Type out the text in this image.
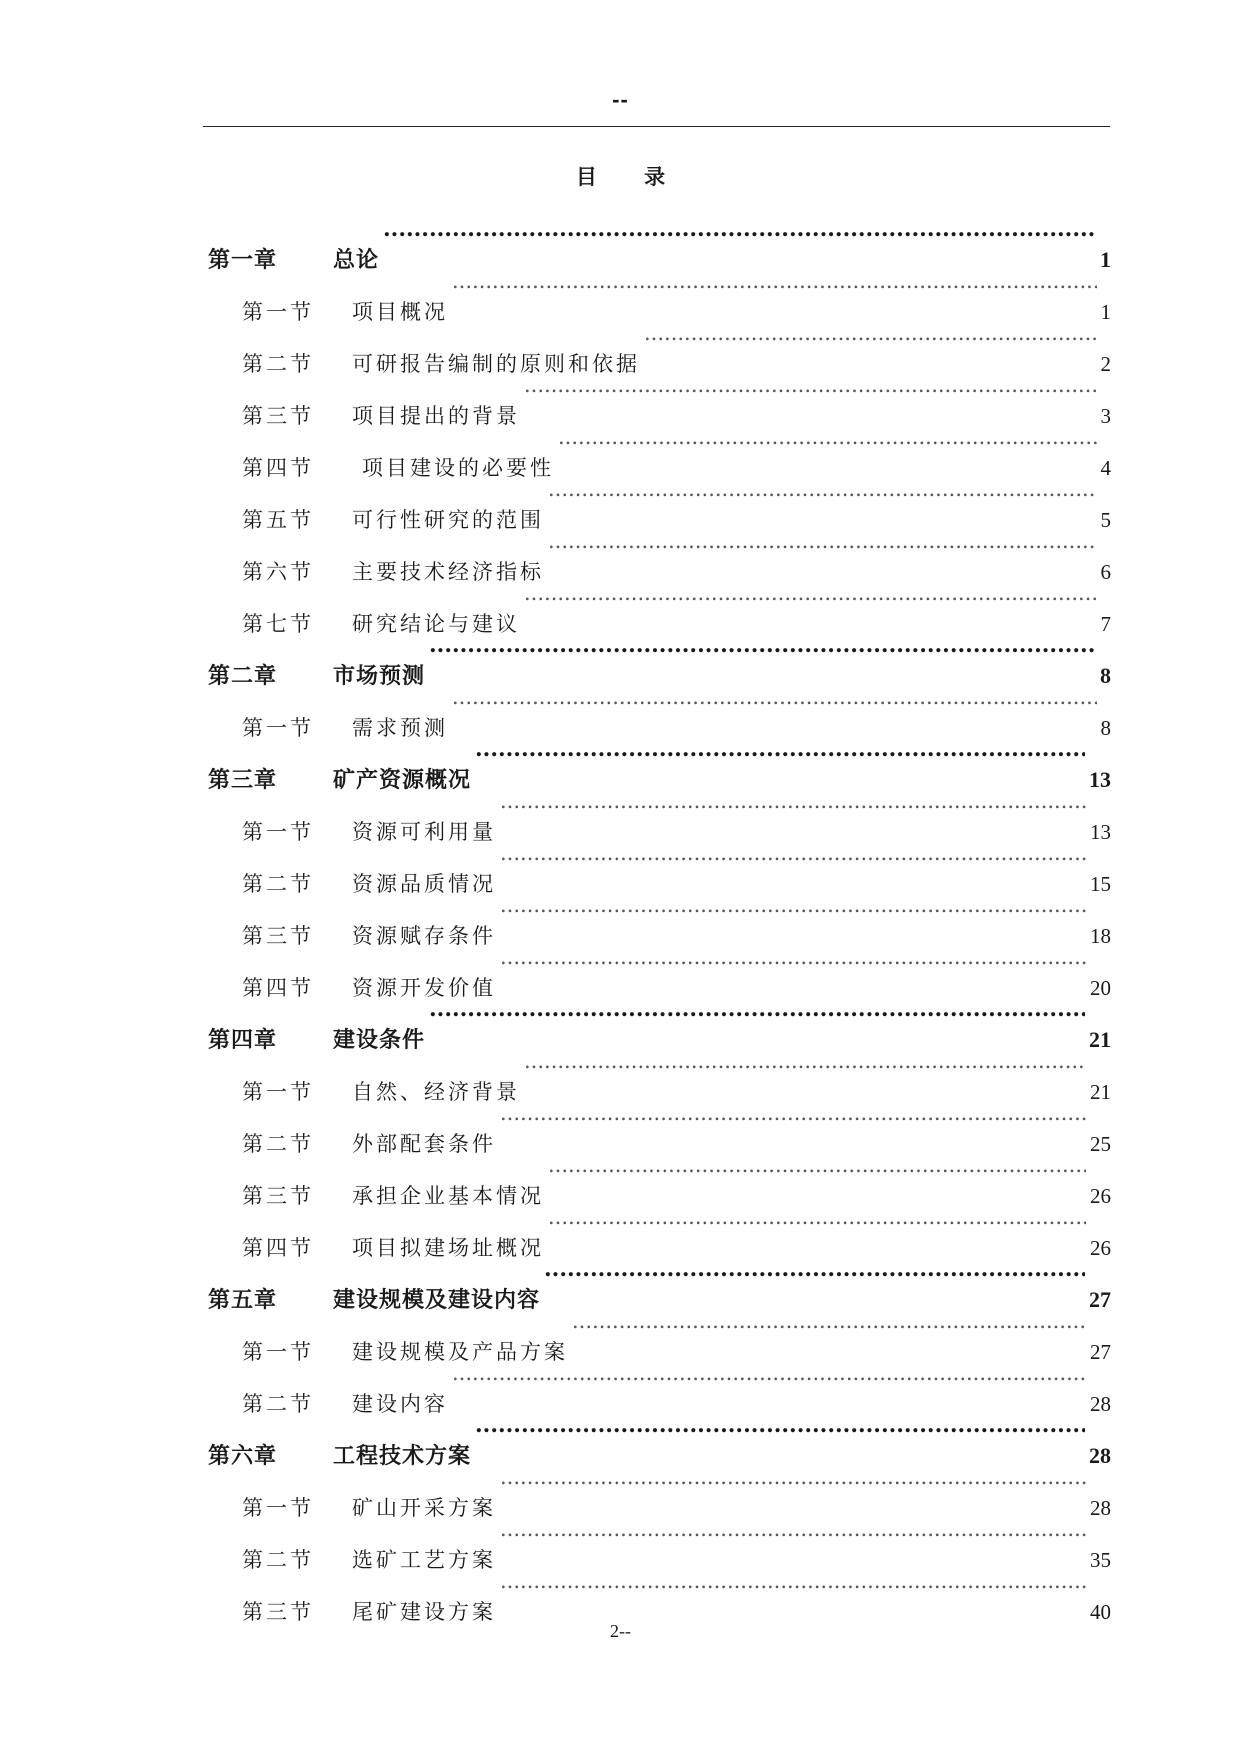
--
目 录
第一章	总论 .....	1
第一节	项目概况 .....	1
第二节	可研报告编制的原则和依据 .....	2
第三节	项目提出的背景 .....	3
第四节	项目建设的必要性 .....	4
第五节	可行性研究的范围 .....	5
第六节	主要技术经济指标 .....	6
第七节	研究结论与建议 .....	7
第二章	市场预测 .....	8
第一节	需求预测 .....	8
第三章	矿产资源概况 .....	13
第一节	资源可利用量 .....	13
第二节	资源品质情况 .....	15
第三节	资源赋存条件 .....	18
第四节	资源开发价值 .....	20
第四章	建设条件 .....	21
第一节	自然、经济背景 .....	21
第二节	外部配套条件 .....	25
第三节	承担企业基本情况 .....	26
第四节	项目拟建场址概况 .....	26
第五章	建设规模及建设内容 .....	27
第一节	建设规模及产品方案 .....	27
第二节	建设内容 .....	28
第六章	工程技术方案 .....	28
第一节	矿山开采方案 .....	28
第二节	选矿工艺方案 .....	35
第三节	尾矿建设方案 .....	40
2--
